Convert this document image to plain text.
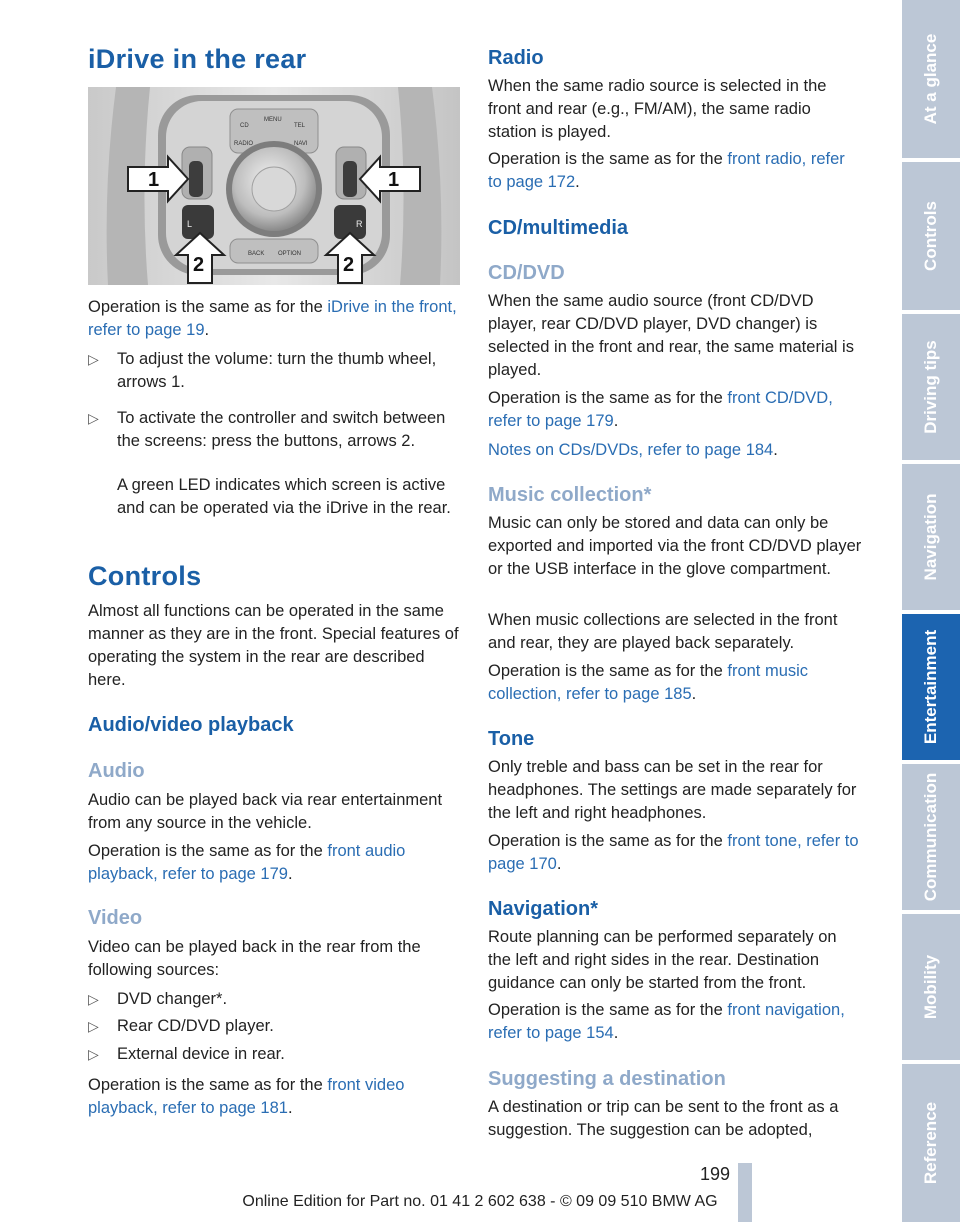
iDrive in the rear
1	1
2	2
MENU
CD	TEL
RADIO	NAVI
BACK OPTION
L	R

Operation is the same as for the iDrive in the front, refer to page 19.

▷ To adjust the volume: turn the thumb wheel, arrows 1.
▷ To activate the controller and switch between the screens: press the buttons, arrows 2.
A green LED indicates which screen is active and can be operated via the iDrive in the rear.
Controls

Almost all functions can be operated in the same manner as they are in the front. Special features of operating the system in the rear are described here.

Audio/video playback
Audio

Audio can be played back via rear entertainment from any source in the vehicle.

Operation is the same as for the front audio playback, refer to page 179.

Video

Video can be played back in the rear from the following sources:

▷ DVD changer*.
▷ Rear CD/DVD player.
▷ External device in rear.

Operation is the same as for the front video playback, refer to page 181.

Radio

When the same radio source is selected in the front and rear (e.g., FM/AM), the same radio station is played.

Operation is the same as for the front radio, refer to page 172.

CD/multimedia
CD/DVD

When the same audio source (front CD/DVD player, rear CD/DVD player, DVD changer) is selected in the front and rear, the same material is played.

Operation is the same as for the front CD/DVD, refer to page 179.

Notes on CDs/DVDs, refer to page 184.

Music collection*

Music can only be stored and data can only be exported and imported via the front CD/DVD player or the USB interface in the glove compartment.

When music collections are selected in the front and rear, they are played back separately.

Operation is the same as for the front music collection, refer to page 185.

Tone

Only treble and bass can be set in the rear for headphones. The settings are made separately for the left and right headphones.

Operation is the same as for the front tone, refer to page 170.

Navigation*

Route planning can be performed separately on the left and right sides in the rear. Destination guidance can only be started from the front.

Operation is the same as for the front navigation, refer to page 154.

Suggesting a destination

A destination or trip can be sent to the front as a suggestion. The suggestion can be adopted,

At a glance
Controls
Driving tips
Navigation
Entertainment
Communication
Mobility
Reference
199
Online Edition for Part no. 01 41 2 602 638 - © 09 09 510 BMW AG
